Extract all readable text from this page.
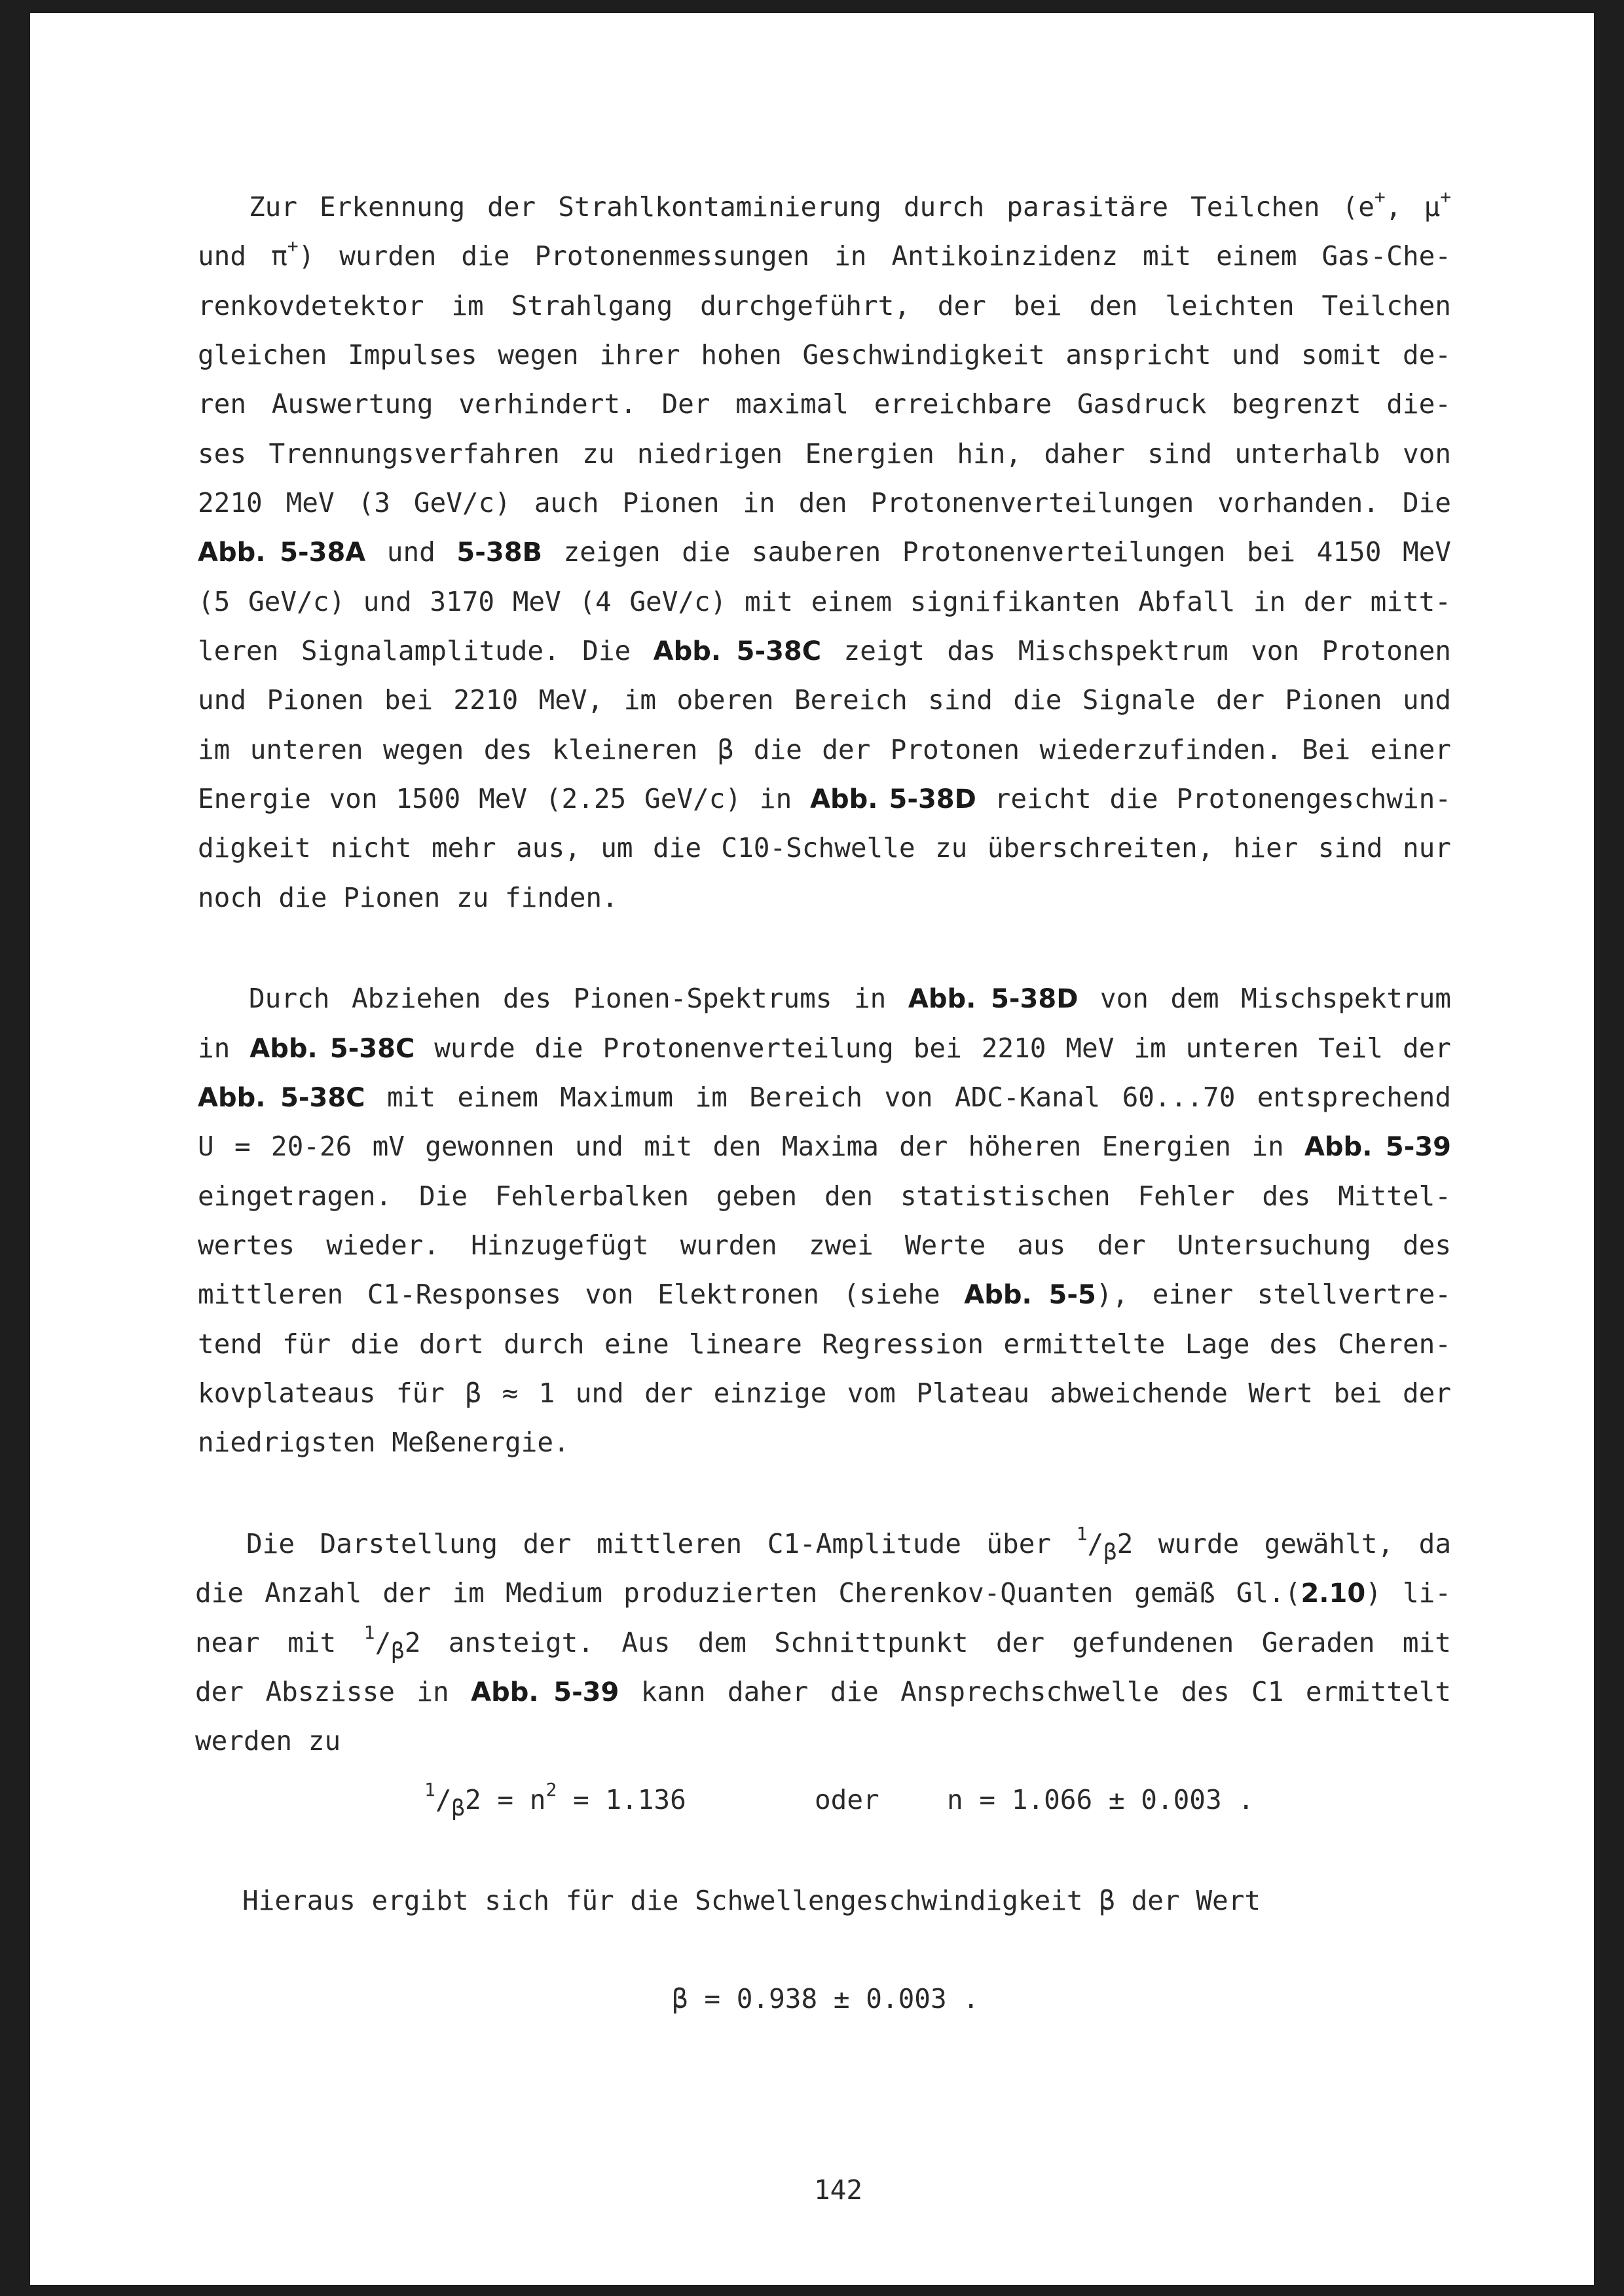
Zur Erkennung der Strahlkontaminierung durch parasitäre Teilchen (e+, μ+
und π+) wurden die Protonenmessungen in Antikoinzidenz mit einem Gas-Che-
renkovdetektor im Strahlgang durchgeführt, der bei den leichten Teilchen
gleichen Impulses wegen ihrer hohen Geschwindigkeit anspricht und somit de-
ren Auswertung verhindert. Der maximal erreichbare Gasdruck begrenzt die-
ses Trennungsverfahren zu niedrigen Energien hin, daher sind unterhalb von
2210 MeV (3 GeV/c) auch Pionen in den Protonenverteilungen vorhanden. Die
Abb. 5-38A und 5-38B zeigen die sauberen Protonenverteilungen bei 4150 MeV
(5 GeV/c) und 3170 MeV (4 GeV/c) mit einem signifikanten Abfall in der mitt-
leren Signalamplitude. Die Abb. 5-38C zeigt das Mischspektrum von Protonen
und Pionen bei 2210 MeV, im oberen Bereich sind die Signale der Pionen und
im unteren wegen des kleineren β die der Protonen wiederzufinden. Bei einer
Energie von 1500 MeV (2.25 GeV/c) in Abb. 5-38D reicht die Protonengeschwin-
digkeit nicht mehr aus, um die C10-Schwelle zu überschreiten, hier sind nur
noch die Pionen zu finden.
Durch Abziehen des Pionen-Spektrums in Abb. 5-38D von dem Mischspektrum
in Abb. 5-38C wurde die Protonenverteilung bei 2210 MeV im unteren Teil der
Abb. 5-38C mit einem Maximum im Bereich von ADC-Kanal 60...70 entsprechend
U = 20-26 mV gewonnen und mit den Maxima der höheren Energien in Abb. 5-39
eingetragen. Die Fehlerbalken geben den statistischen Fehler des Mittel-
wertes wieder. Hinzugefügt wurden zwei Werte aus der Untersuchung des
mittleren C1-Responses von Elektronen (siehe Abb. 5-5), einer stellvertre-
tend für die dort durch eine lineare Regression ermittelte Lage des Cheren-
kovplateaus für β ≈ 1 und der einzige vom Plateau abweichende Wert bei der
niedrigsten Meßenergie.
Die Darstellung der mittleren C1-Amplitude über $^1/_\beta 2$ wurde gewählt, da
die Anzahl der im Medium produzierten Cherenkov-Quanten gemäß Gl.(2.10) li-
near mit $^1/_\beta 2$ ansteigt. Aus dem Schnittpunkt der gefundenen Geraden mit
der Abszisse in Abb. 5-39 kann daher die Ansprechschwelle des C1 ermittelt
werden zu
$^1/_\beta 2 = n^2 = 1.136$	oder	n = 1.066 ± 0.003 .
Hieraus ergibt sich für die Schwellengeschwindigkeit β der Wert
β = 0.938 ± 0.003 .
142
